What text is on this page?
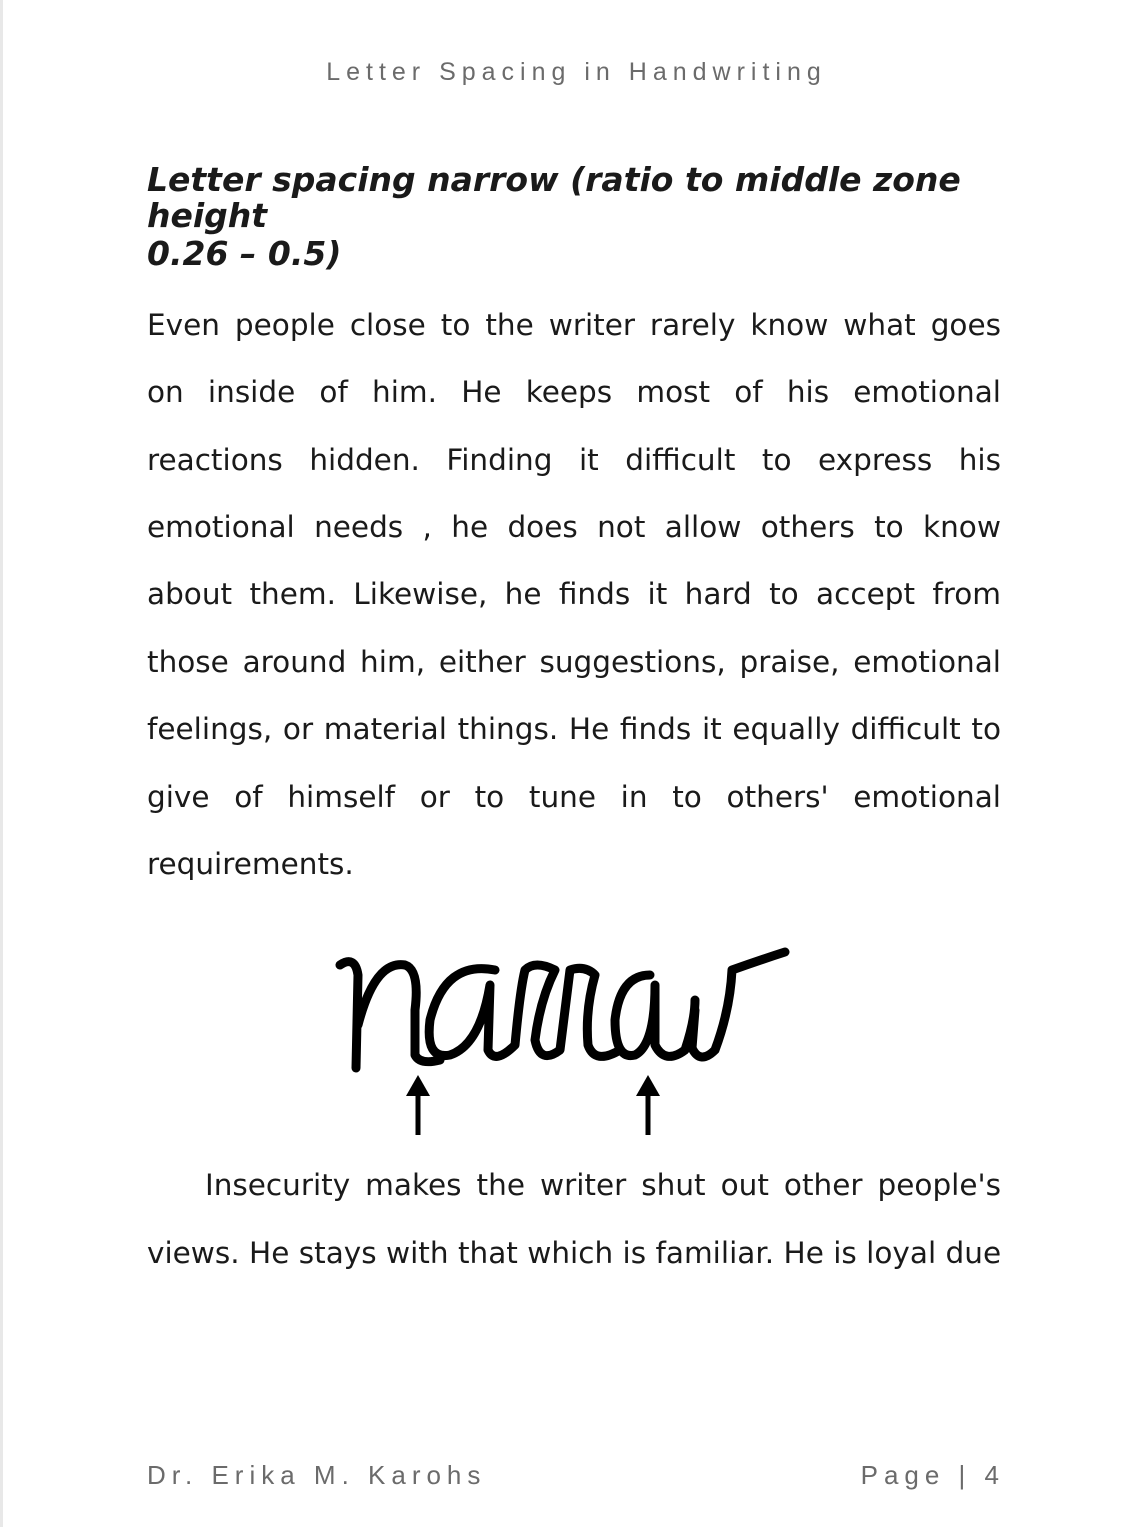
Letter Spacing in Handwriting
Letter spacing narrow (ratio to middle zone height
0.26 – 0.5)
Even people close to the writer rarely know what goes
on inside of him. He keeps most of his emotional
reactions hidden. Finding it difficult to express his
emotional needs , he does not allow others to know
about them. Likewise, he finds it hard to accept from
those around him, either suggestions, praise, emotional
feelings, or material things. He finds it equally difficult to
give of himself or to tune in to others' emotional
requirements.
Insecurity makes the writer shut out other people's
views. He stays with that which is familiar. He is loyal due
Dr. Erika M. Karohs	Page | 4
